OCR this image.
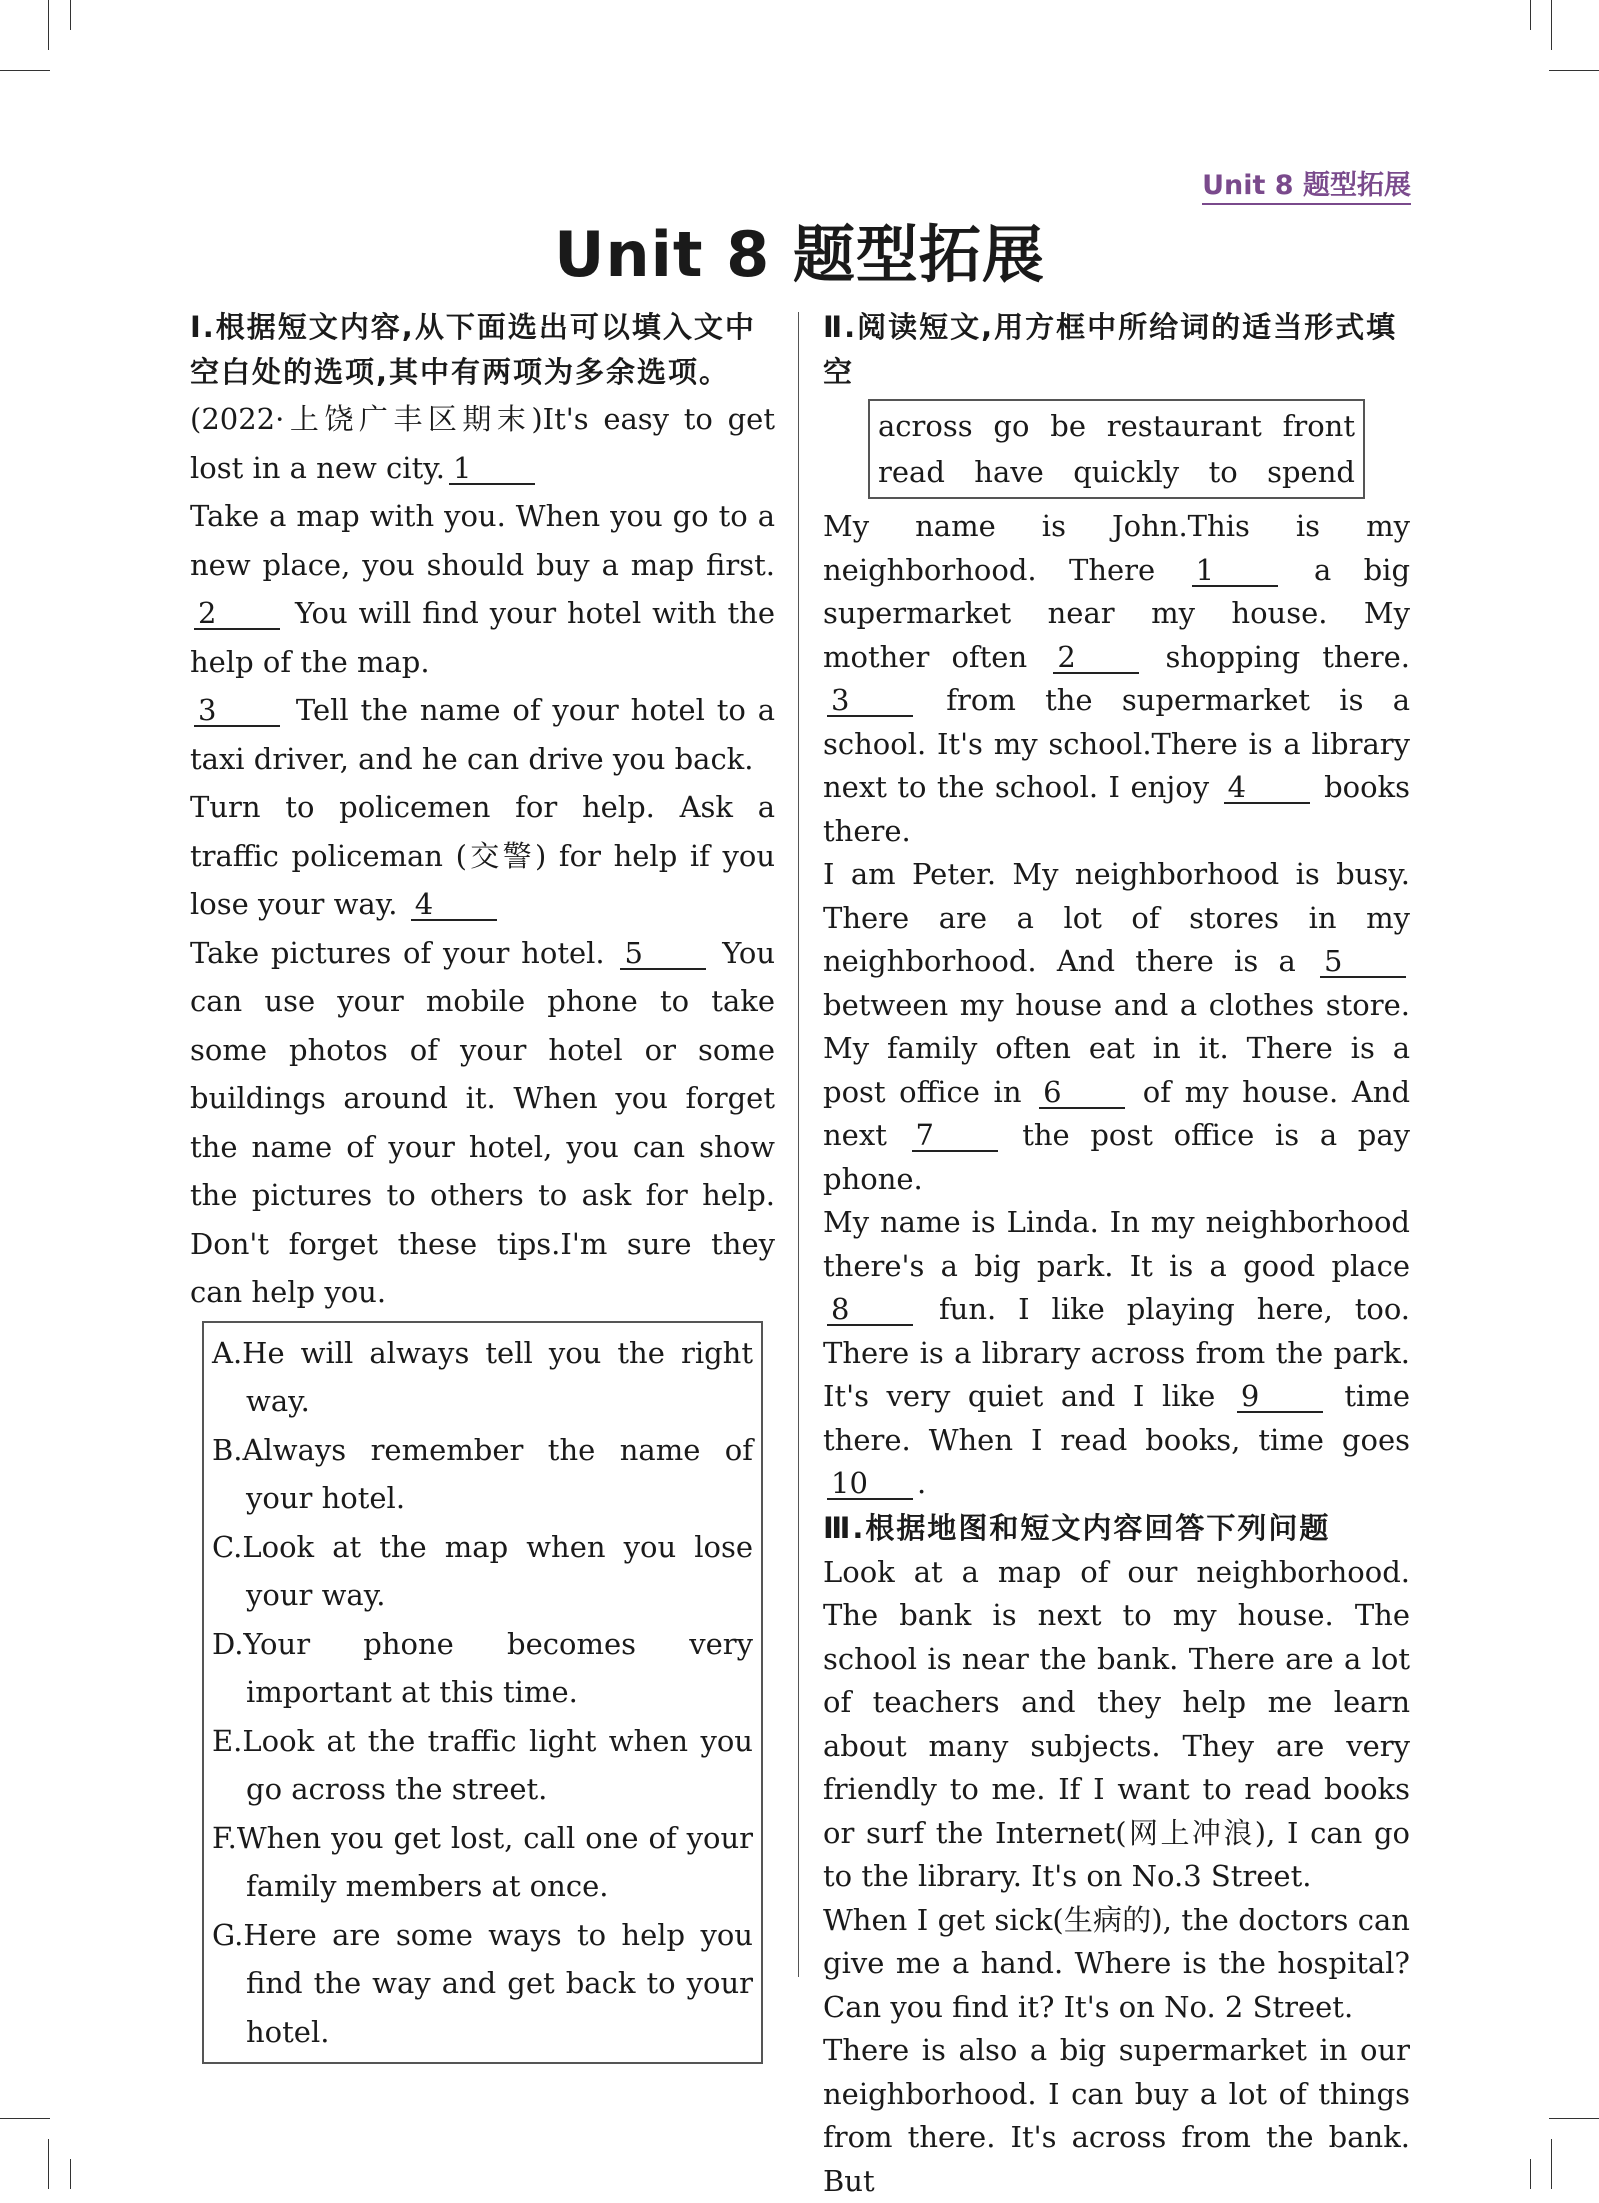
Unit 8 题型拓展
Unit 8 题型拓展

Ⅰ.根据短文内容,从下面选出可以填入文中空白处的选项,其中有两项为多余选项。

(2022·上饶广丰区期末)It's easy to get lost in a new city. 1

Take a map with you. When you go to a new place, you should buy a map first. 2	You will find your hotel with the help of the map.

3	Tell the name of your hotel to a taxi driver, and he can drive you back.

Turn to policemen for help. Ask a traffic policeman (交警) for help if you lose your way. 4

Take pictures of your hotel. 5	You can use your mobile phone to take some photos of your hotel or some buildings around it. When you forget the name of your hotel, you can show the pictures to others to ask for help. Don't forget these tips.I'm sure they can help you.

A.He will always tell you the right way.
B.Always remember the name of your hotel.
C.Look at the map when you lose your way.
D.Your phone becomes very important at this time.
E.Look at the traffic light when you go across the street.
F.When you get lost, call one of your family members at once.
G.Here are some ways to help you find the way and get back to your hotel.

Ⅱ.阅读短文,用方框中所给词的适当形式填空

across go be restaurant front
read have quickly to spend

My name is John.This is my neighborhood. There 1	a big supermarket near my house. My mother often 2	shopping there. 3	from the supermarket is a school. It's my school.There is a library next to the school. I enjoy 4	books there.

I am Peter. My neighborhood is busy. There are a lot of stores in my neighborhood. And there is a 5 between my house and a clothes store. My family often eat in it. There is a post office in 6	of my house. And next 7	the post office is a pay phone.

My name is Linda. In my neighborhood there's a big park. It is a good place 8	fun. I like playing here, too. There is a library across from the park. It's very quiet and I like 9	time there. When I read books, time goes 10 .

Ⅲ.根据地图和短文内容回答下列问题

Look at a map of our neighborhood. The bank is next to my house. The school is near the bank. There are a lot of teachers and they help me learn about many subjects. They are very friendly to me. If I want to read books or surf the Internet(网上冲浪), I can go to the library. It's on No.3 Street.

When I get sick(生病的), the doctors can give me a hand. Where is the hospital? Can you find it? It's on No. 2 Street.

There is also a big supermarket in our neighborhood. I can buy a lot of things from there. It's across from the bank. But
